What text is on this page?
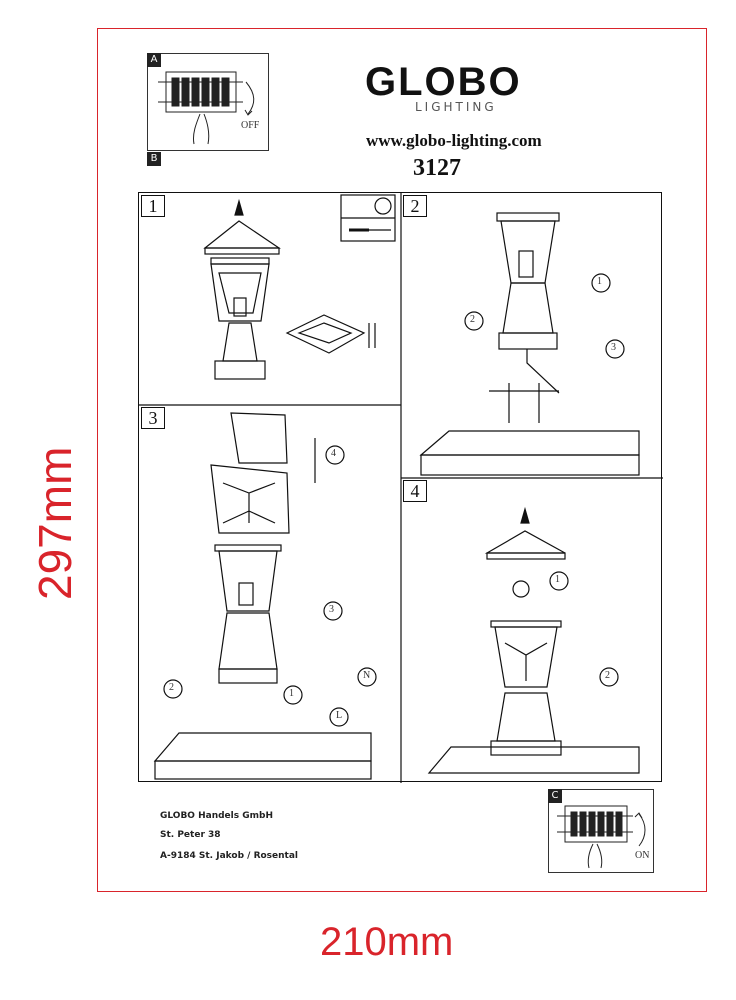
297mm
210mm
GLOBO
LIGHTING
www.globo-lighting.com
3127
A
B
OFF
1	2
3
4
2
1
3
4
3
2
1
N
L
1
2
GLOBO Handels GmbH
St. Peter 38
A-9184 St. Jakob / Rosental
C
ON
